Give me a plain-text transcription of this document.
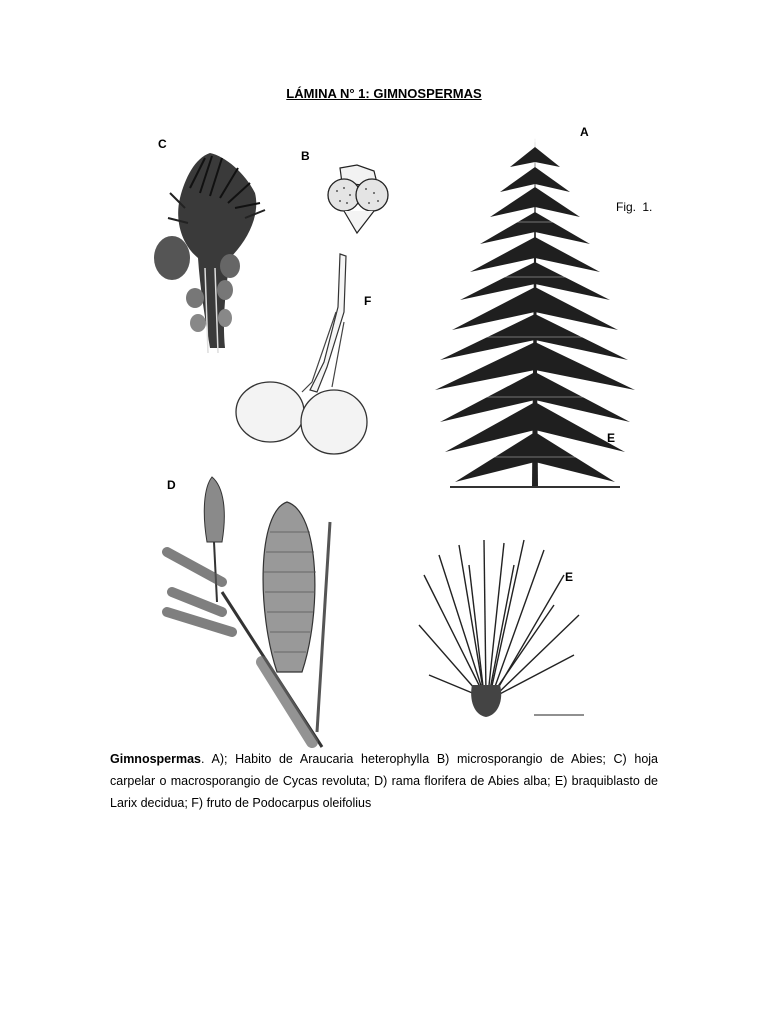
LÁMINA N° 1: GIMNOSPERMAS
C
B
A
Fig. 1.
F
E
D
E
Gimnospermas. A); Habito de Araucaria heterophylla B) microsporangio de Abies; C) hoja carpelar o macrosporangio de Cycas revoluta; D) rama florifera de Abies alba; E) braquiblasto de Larix decidua; F) fruto de Podocarpus oleifolius
